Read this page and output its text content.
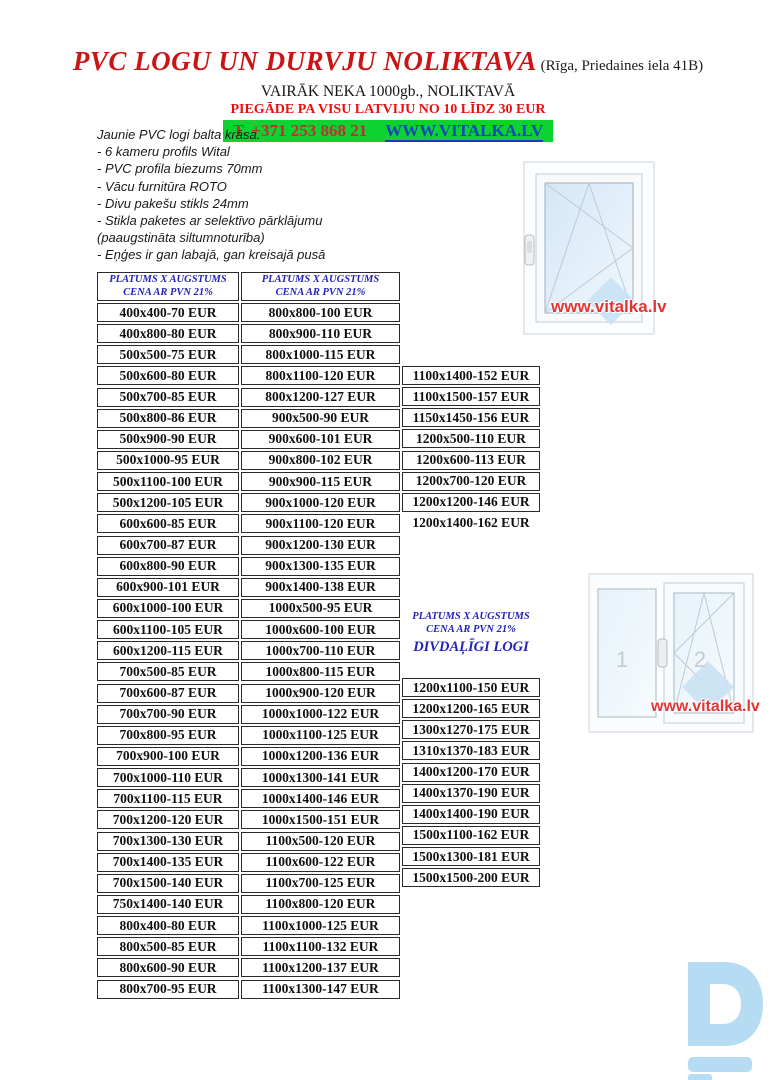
PVC LOGU UN DURVJU NOLIKTAVA (Rīga, Priedaines iela 41B)
VAIRĀK NEKA 1000gb., NOLIKTAVĀ
PIEGĀDE PA VISU LATVIJU NO 10 LĪDZ 30 EUR
T. +371 253 868 21 WWW.VITALKA.LV
Jaunie PVC logi balta krāsa.
- 6 kameru profils Wital
- PVC profila biezums 70mm
- Vācu furnitūra ROTO
- Divu pakešu stikls 24mm
- Stikla paketes ar selektīvo pārklājumu
(paaugstināta siltumnoturība)
- Eņģes ir gan labajā, gan kreisajā pusā
PLATUMS X AUGSTUMS
CENA AR PVN 21%
PLATUMS X AUGSTUMS
CENA AR PVN 21%
400x400-70 EUR
400x800-80 EUR
500x500-75 EUR
500x600-80 EUR
500x700-85 EUR
500x800-86 EUR
500x900-90 EUR
500x1000-95 EUR
500x1100-100 EUR
500x1200-105 EUR
600x600-85 EUR
600x700-87 EUR
600x800-90 EUR
600x900-101 EUR
600x1000-100 EUR
600x1100-105 EUR
600x1200-115 EUR
700x500-85 EUR
700x600-87 EUR
700x700-90 EUR
700x800-95 EUR
700x900-100 EUR
700x1000-110 EUR
700x1100-115 EUR
700x1200-120 EUR
700x1300-130 EUR
700x1400-135 EUR
700x1500-140 EUR
750x1400-140 EUR
800x400-80 EUR
800x500-85 EUR
800x600-90 EUR
800x700-95 EUR
800x800-100 EUR
800x900-110 EUR
800x1000-115 EUR
800x1100-120 EUR
800x1200-127 EUR
900x500-90 EUR
900x600-101 EUR
900x800-102 EUR
900x900-115 EUR
900x1000-120 EUR
900x1100-120 EUR
900x1200-130 EUR
900x1300-135 EUR
900x1400-138 EUR
1000x500-95 EUR
1000x600-100 EUR
1000x700-110 EUR
1000x800-115 EUR
1000x900-120 EUR
1000x1000-122 EUR
1000x1100-125 EUR
1000x1200-136 EUR
1000x1300-141 EUR
1000x1400-146 EUR
1000x1500-151 EUR
1100x500-120 EUR
1100x600-122 EUR
1100x700-125 EUR
1100x800-120 EUR
1100x1000-125 EUR
1100x1100-132 EUR
1100x1200-137 EUR
1100x1300-147 EUR
1100x1400-152 EUR
1100x1500-157 EUR
1150x1450-156 EUR
1200x500-110 EUR
1200x600-113 EUR
1200x700-120 EUR
1200x1200-146 EUR
1200x1400-162 EUR
PLATUMS X AUGSTUMS
CENA AR PVN 21%
DIVDAĻĪGI LOGI
1200x1100-150 EUR
1200x1200-165 EUR
1300x1270-175 EUR
1310x1370-183 EUR
1400x1200-170 EUR
1400x1370-190 EUR
1400x1400-190 EUR
1500x1100-162 EUR
1500x1300-181 EUR
1500x1500-200 EUR
www.vitalka.lv
1	2
www.vitalka.lv
